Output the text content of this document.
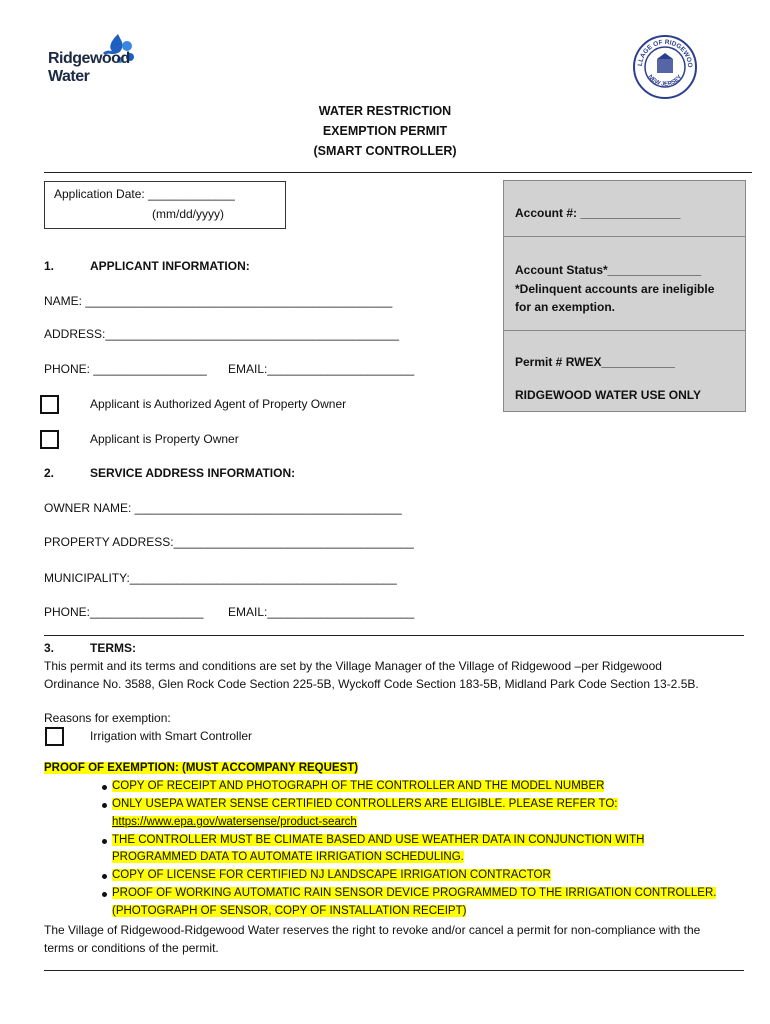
Ridgewood
Water
LLAGE OF RIDGEWOO
NEW JERSEY
WATER RESTRICTION
EXEMPTION PERMIT
(SMART CONTROLLER)
Application Date: _____________
(mm/dd/yyyy)	Account #: _______________
Account Status*______________
*Delinquent accounts are ineligible
for an exemption.
Permit # RWEX___________
RIDGEWOOD WATER USE ONLY
1.	APPLICANT INFORMATION:
NAME: ______________________________________________
ADDRESS:____________________________________________
PHONE: _________________ EMAIL:______________________
Applicant is Authorized Agent of Property Owner
Applicant is Property Owner
2.	SERVICE ADDRESS INFORMATION:
OWNER NAME: ________________________________________
PROPERTY ADDRESS:____________________________________
MUNICIPALITY:________________________________________
PHONE:_________________ EMAIL:______________________
3.	TERMS:
This permit and its terms and conditions are set by the Village Manager of the Village of Ridgewood –per Ridgewood
Ordinance No. 3588, Glen Rock Code Section 225-5B, Wyckoff Code Section 183-5B, Midland Park Code Section 13-2.5B.
Reasons for exemption:
Irrigation with Smart Controller
PROOF OF EXEMPTION: (MUST ACCOMPANY REQUEST)
COPY OF RECEIPT AND PHOTOGRAPH OF THE CONTROLLER AND THE MODEL NUMBER
ONLY USEPA WATER SENSE CERTIFIED CONTROLLERS ARE ELIGIBLE. PLEASE REFER TO:
https://www.epa.gov/watersense/product-search
THE CONTROLLER MUST BE CLIMATE BASED AND USE WEATHER DATA IN CONJUNCTION WITH
PROGRAMMED DATA TO AUTOMATE IRRIGATION SCHEDULING.
COPY OF LICENSE FOR CERTIFIED NJ LANDSCAPE IRRIGATION CONTRACTOR
PROOF OF WORKING AUTOMATIC RAIN SENSOR DEVICE PROGRAMMED TO THE IRRIGATION CONTROLLER.
(PHOTOGRAPH OF SENSOR, COPY OF INSTALLATION RECEIPT)
The Village of Ridgewood-Ridgewood Water reserves the right to revoke and/or cancel a permit for non-compliance with the
terms or conditions of the permit.
